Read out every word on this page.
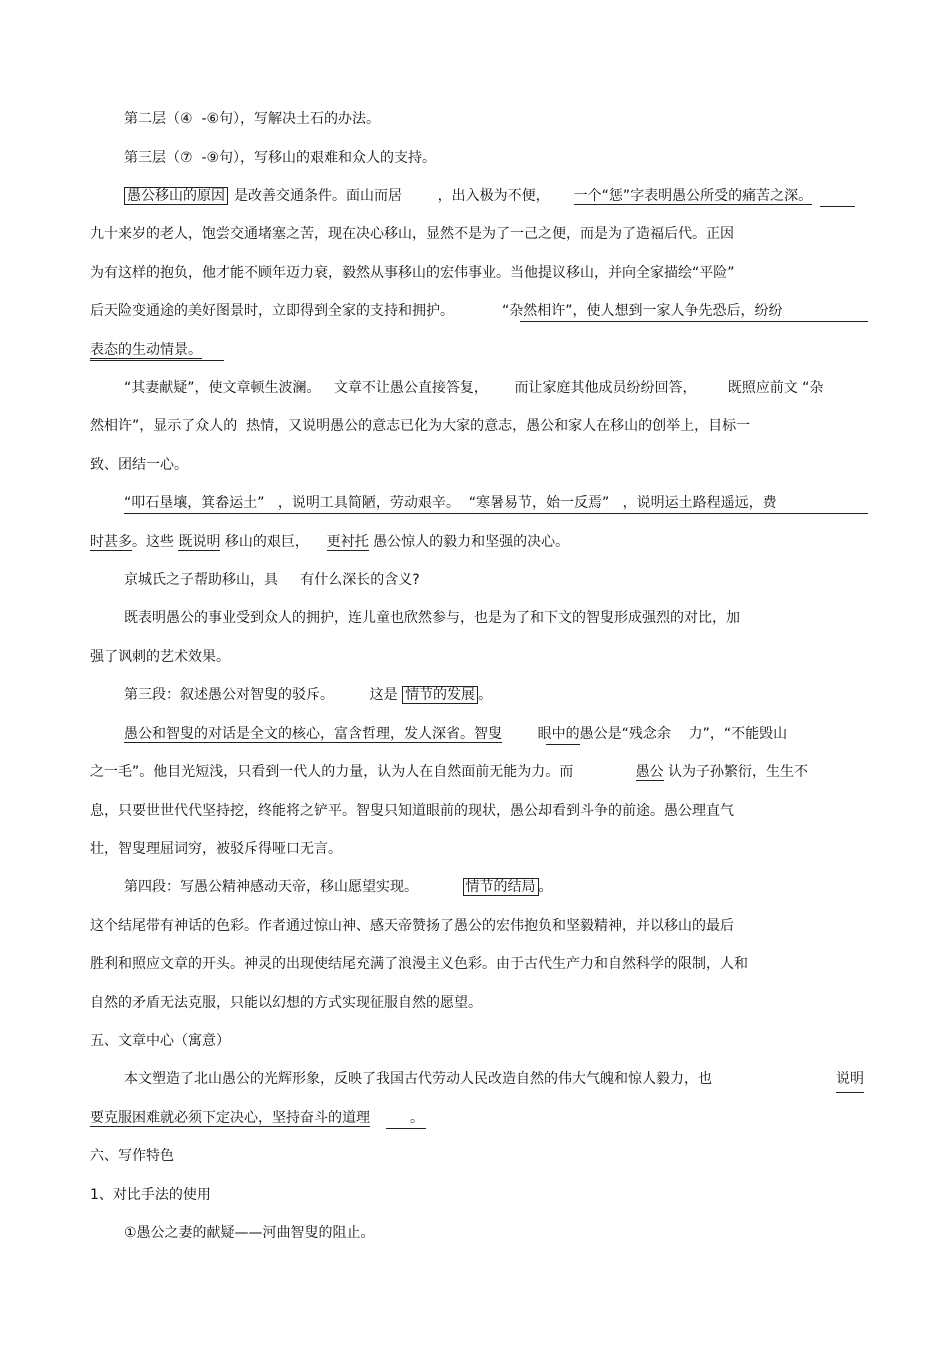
第二层（④  -⑥句），写解决土石的办法。
第三层（⑦  -⑨句），写移山的艰难和众人的支持。
愚公移山的原因 是改善交通条件。面山而居        ，出入极为不便， 一个“惩”字表明愚公所受的痛苦之深。
九十来岁的老人，饱尝交通堵塞之苦，现在决心移山，显然不是为了一己之便，而是为了造福后代。正因
为有这样的抱负，他才能不顾年迈力衰，毅然从事移山的宏伟事业。当他提议移山，并向全家描绘“平险”
后天险变通途的美好图景时，立即得到全家的支持和拥护。	“杂然相许”，使人想到一家人争先恐后，纷纷
表态的生动情景。
“其妻献疑”，使文章顿生波澜。   文章不让愚公直接答复，      而让家庭其他成员纷纷回答，       既照应前文 “杂
然相许”，显示了众人的  热情，又说明愚公的意志已化为大家的意志，愚公和家人在移山的创举上，目标一
致、团结一心。
“叩石垦壤，箕畚运土”   ，说明工具简陋，劳动艰辛。  “寒暑易节，始一反焉”   ，说明运土路程遥远，费
时甚多。这些 既说明 移山的艰巨，    更衬托 愚公惊人的毅力和坚强的决心。
京城氏之子帮助移山，具     有什么深长的含义?
既表明愚公的事业受到众人的拥护，连儿童也欣然参与，也是为了和下文的智叟形成强烈的对比，加
强了讽刺的艺术效果。
第三段：叙述愚公对智叟的驳斥。        这是 情节的发展 。
愚公和智叟的对话是全文的核心，富含哲理，发人深省。智叟        眼中的愚公是“残念余    力”，“不能毁山
之一毛”。他目光短浅，只看到一代人的力量，认为人在自然面前无能为力。而              愚公 认为子孙繁衍，生生不
息，只要世世代代坚持挖，终能将之铲平。智叟只知道眼前的现状，愚公却看到斗争的前途。愚公理直气
壮，智叟理屈词穷，被驳斥得哑口无言。
第四段：写愚公精神感动天帝，移山愿望实现。          情节的结局 。
这个结尾带有神话的色彩。作者通过惊山神、感天帝赞扬了愚公的宏伟抱负和坚毅精神，并以移山的最后
胜利和照应文章的开头。神灵的出现使结尾充满了浪漫主义色彩。由于古代生产力和自然科学的限制，人和
自然的矛盾无法克服，只能以幻想的方式实现征服自然的愿望。
五、文章中心（寓意）
本文塑造了北山愚公的光辉形象，反映了我国古代劳动人民改造自然的伟大气魄和惊人毅力，也	说明
要克服困难就必须下定决心，坚持奋斗的道理         。
六、写作特色
1、对比手法的使用
①愚公之妻的献疑——河曲智叟的阻止。
